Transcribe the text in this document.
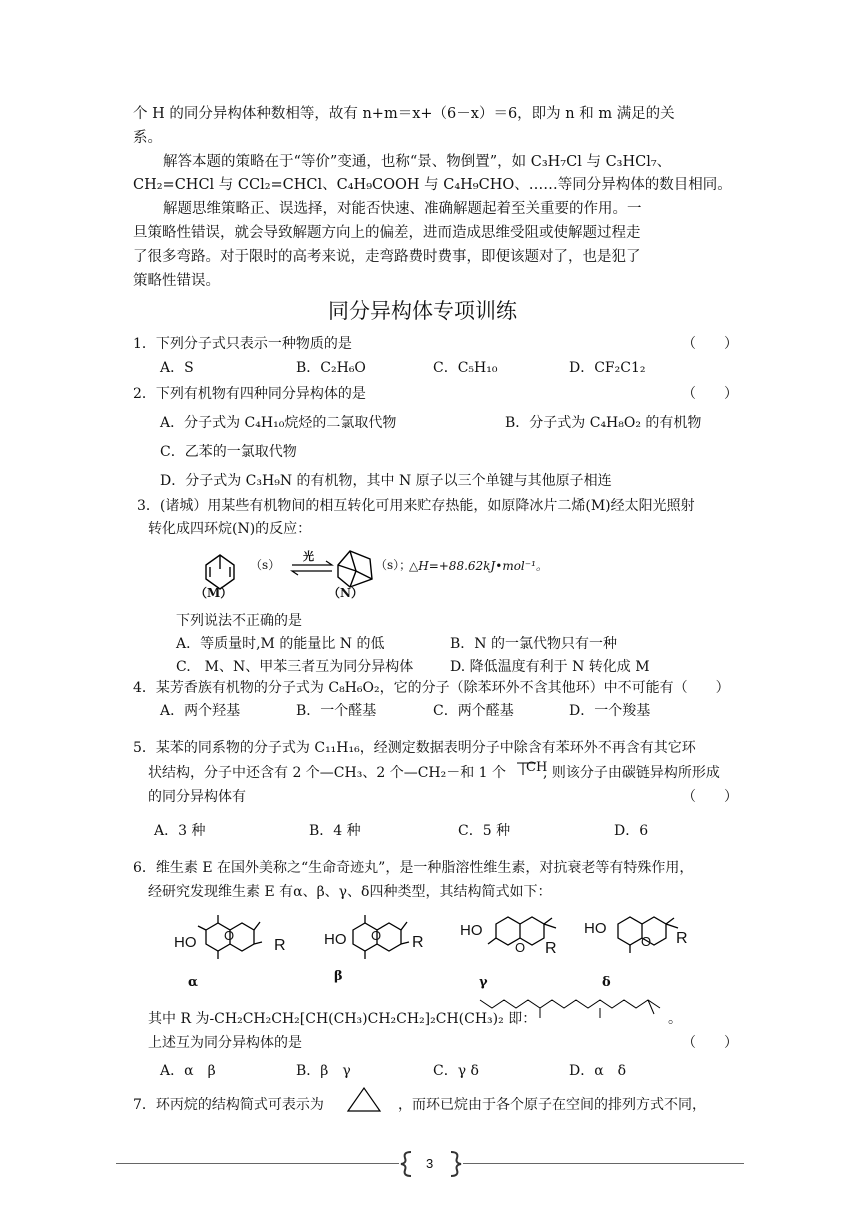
个 H 的同分异构体种数相等，故有 n+m＝x+（6－x）＝6，即为 n 和 m 满足的关
系。
解答本题的策略在于“等价”变通，也称“景、物倒置”，如 C₃H₇Cl 与 C₃HCl₇、
CH₂=CHCl 与 CCl₂=CHCl、C₄H₉COOH 与 C₄H₉CHO、……等同分异构体的数目相同。
解题思维策略正、误选择，对能否快速、准确解题起着至关重要的作用。一
旦策略性错误，就会导致解题方向上的偏差，进而造成思维受阻或使解题过程走
了很多弯路。对于限时的高考来说，走弯路费时费事，即便该题对了，也是犯了
策略性错误。
同分异构体专项训练
1．下列分子式只表示一种物质的是	（　　）
A．S	B．C₂H₆O	C．C₅H₁₀	D．CF₂C1₂
2．下列有机物有四种同分异构体的是	（　　）
A．分子式为 C₄H₁₀烷烃的二氯取代物	B．分子式为 C₄H₈O₂ 的有机物
C．乙苯的一氯取代物
D．分子式为 C₃H₉N 的有机物，其中 N 原子以三个单键与其他原子相连
3．(诸城）用某些有机物间的相互转化可用来贮存热能，如原降冰片二烯(M)经太阳光照射
转化成四环烷(N)的反应：
（s）
光
（s）；
△H=+88.62kJ•mol⁻¹。
（M）	（N）
下列说法不正确的是
A．等质量时,M 的能量比 N 的低	B．N 的一氯代物只有一种
C.　M、N、甲苯三者互为同分异构体	D. 降低温度有利于 N 转化成 M
4．某芳香族有机物的分子式为 C₈H₆O₂，它的分子（除苯环外不含其他环）中不可能有（　　）
A．两个羟基	B．一个醛基	C．两个醛基	D．一个羧基
5．某苯的同系物的分子式为 C₁₁H₁₆，经测定数据表明分子中除含有苯环外不再含有其它环
状结构，分子中还含有 2 个—CH₃、2 个—CH₂－和 1 个	CH
, 则该分子由碳链异构所形成
的同分异构体有	（　　）
A．3 种	B．4 种	C．5 种	D．6
6．维生素 E 在国外美称之“生命奇迹丸”，是一种脂溶性维生素，对抗衰老等有特殊作用，
经研究发现维生素 E 有α、β、γ、δ四种类型，其结构简式如下：
HO O
R
α
HO O R
β
HO
O R
γ
HO
O R
δ
其中 R 为-CH₂CH₂CH₂[CH(CH₃)CH₂CH₂]₂CH(CH₃)₂ 即：	。
上述互为同分异构体的是	（　　）
A．α　β	B．β　γ	C．γ δ	D．α　δ
7．环丙烷的结构简式可表示为	，而环已烷由于各个原子在空间的排列方式不同，
3
